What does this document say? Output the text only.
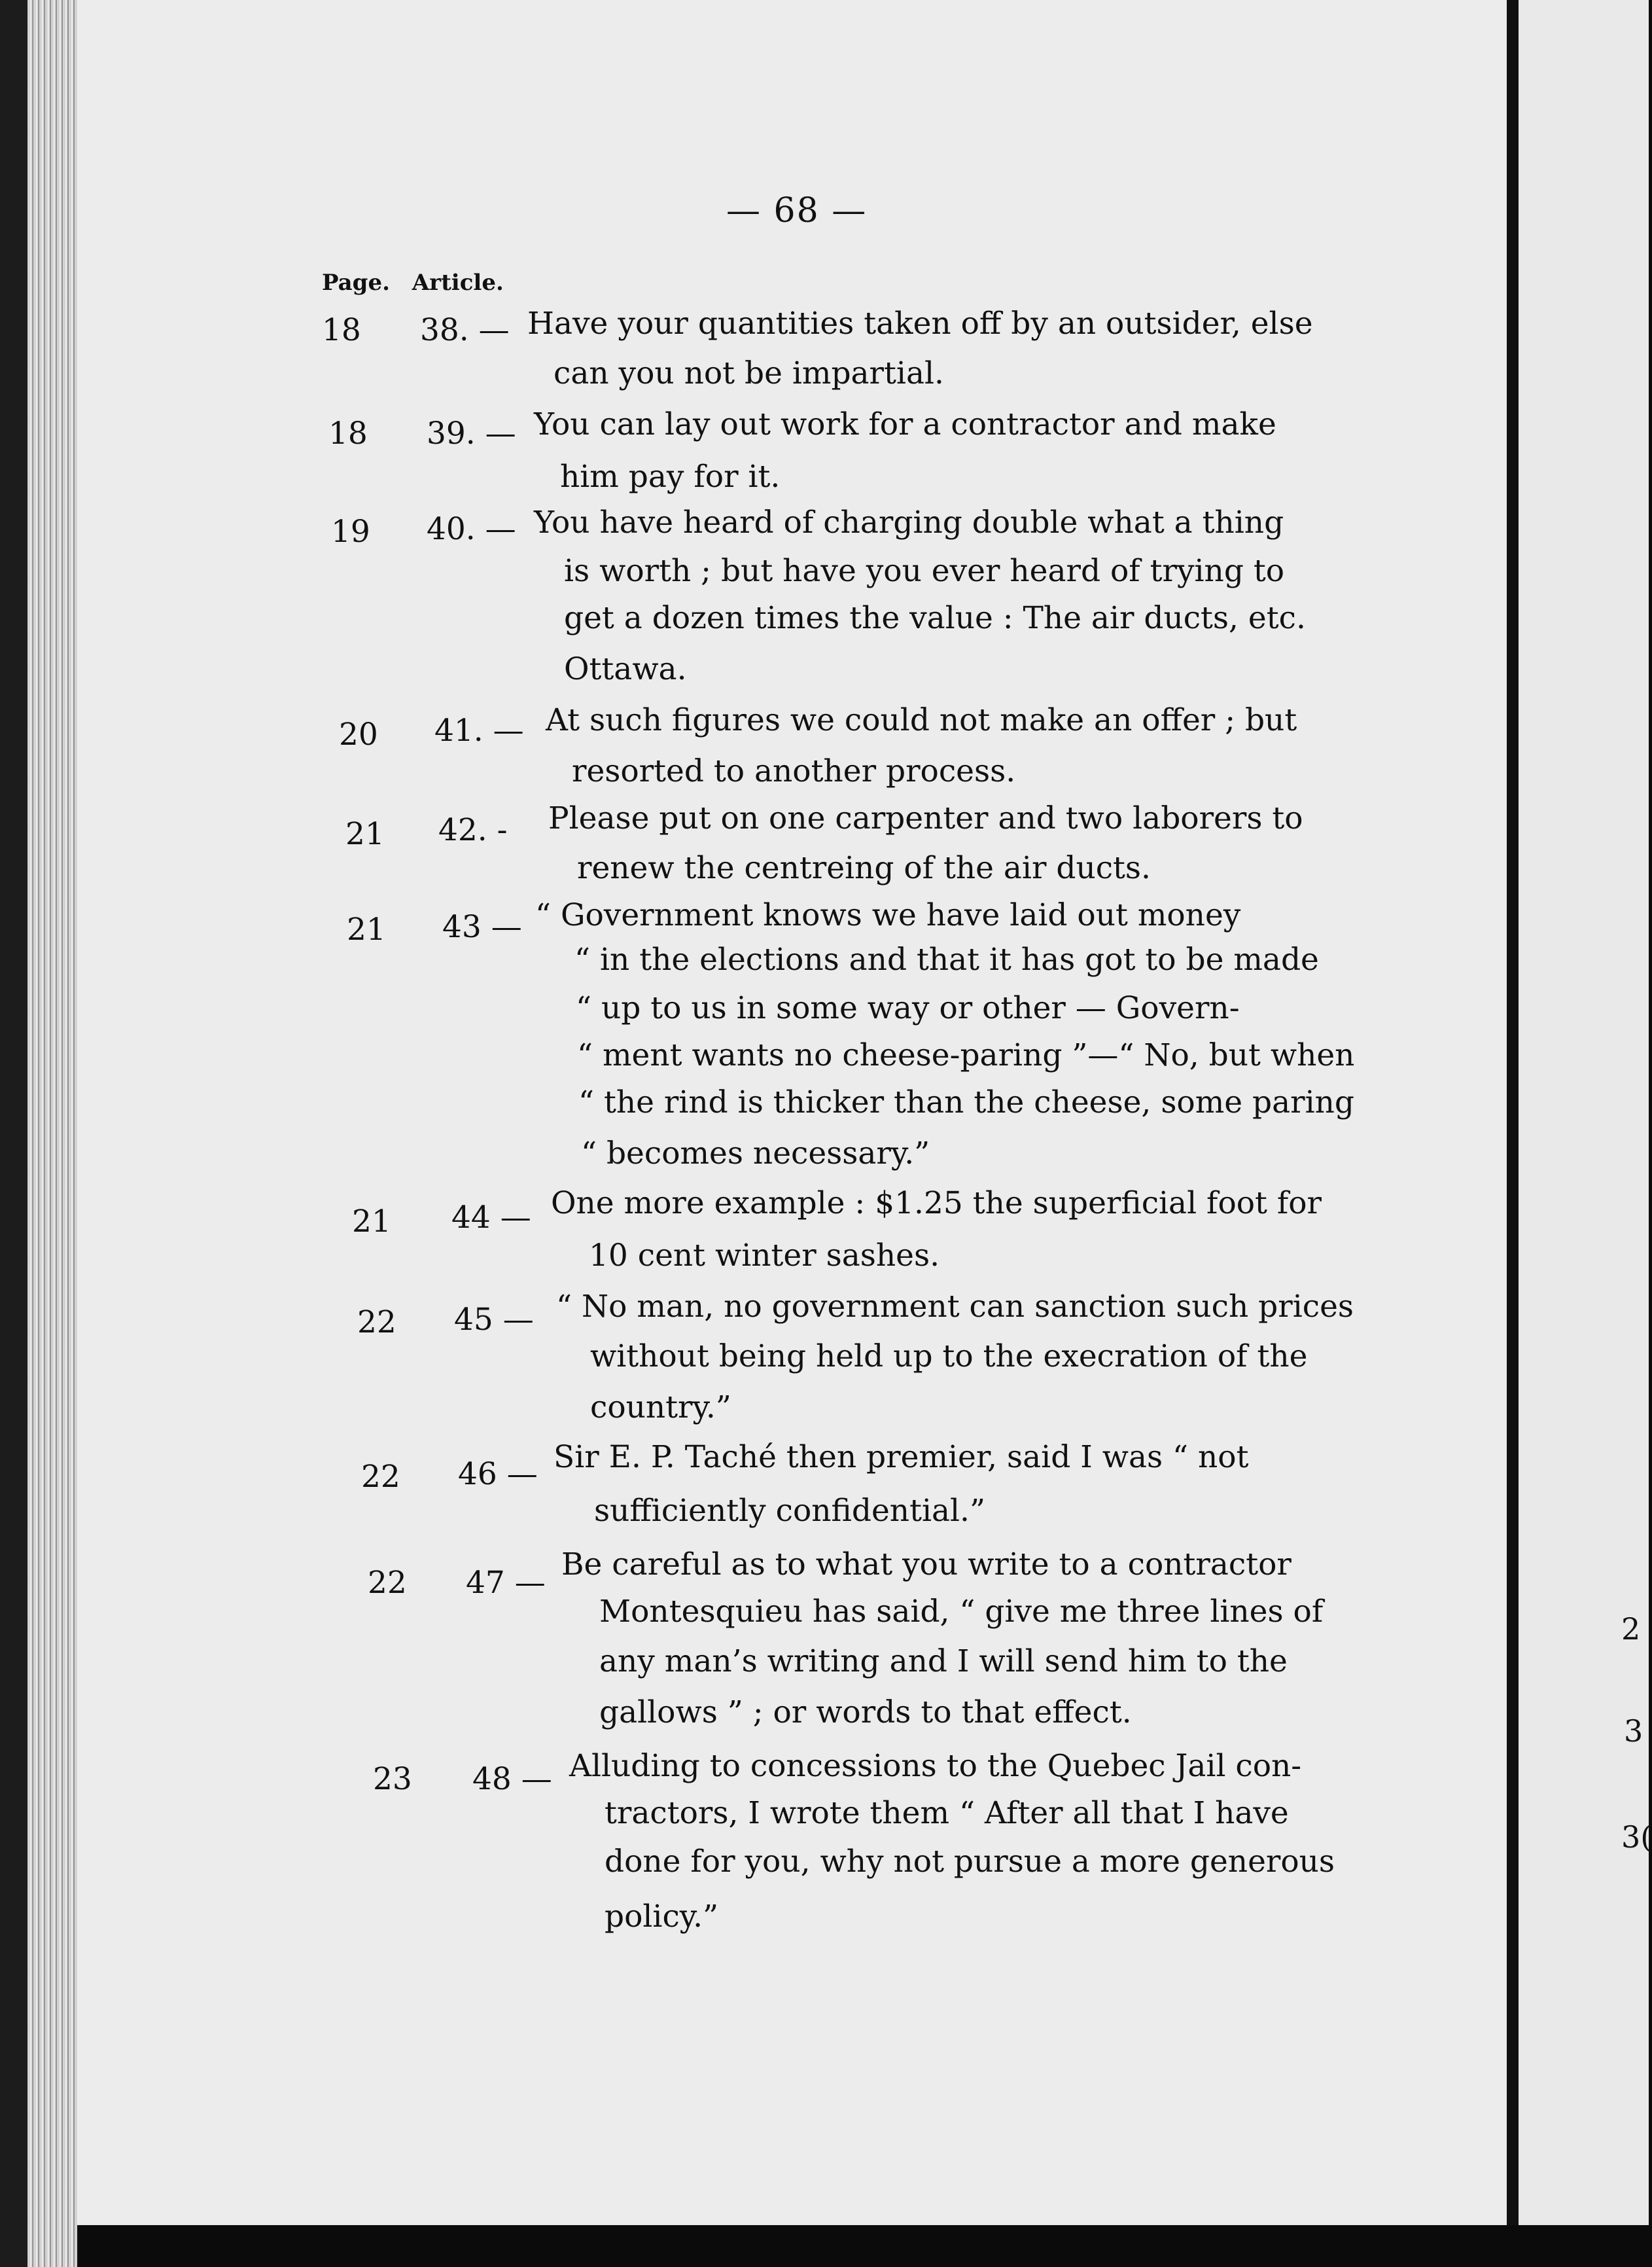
2
3
3(
— 68 —
Page. Article.
18	38. — Have your quantities taken off by an outsider, else
can you not be impartial.
18	39. — You can lay out work for a contractor and make
him pay for it.
19	40. — You have heard of charging double what a thing
is worth ; but have you ever heard of trying to
get a dozen times the value : The air ducts, etc.
Ottawa.
20	41. — At such figures we could not make an offer ; but
resorted to another process.
21	42. - Please put on one carpenter and two laborers to
renew the centreing of the air ducts.
21	43 — “ Government knows we have laid out money
“ in the elections and that it has got to be made
“ up to us in some way or other — Govern-
“ ment wants no cheese-paring ”—“ No, but when
“ the rind is thicker than the cheese, some paring
“ becomes necessary.”
21	44 — One more example : $1.25 the superficial foot for
10 cent winter sashes.
22	45 — “ No man, no government can sanction such prices
without being held up to the execration of the
country.”
22	46 — Sir E. P. Taché then premier, said I was “ not
sufficiently confidential.”
22	47 —
Be careful as to what you write to a contractor
Montesquieu has said, “ give me three lines of
any man’s writing and I will send him to the
gallows ” ; or words to that effect.
23	48 — Alluding to concessions to the Quebec Jail con-
tractors, I wrote them “ After all that I have
done for you, why not pursue a more generous
policy.”
